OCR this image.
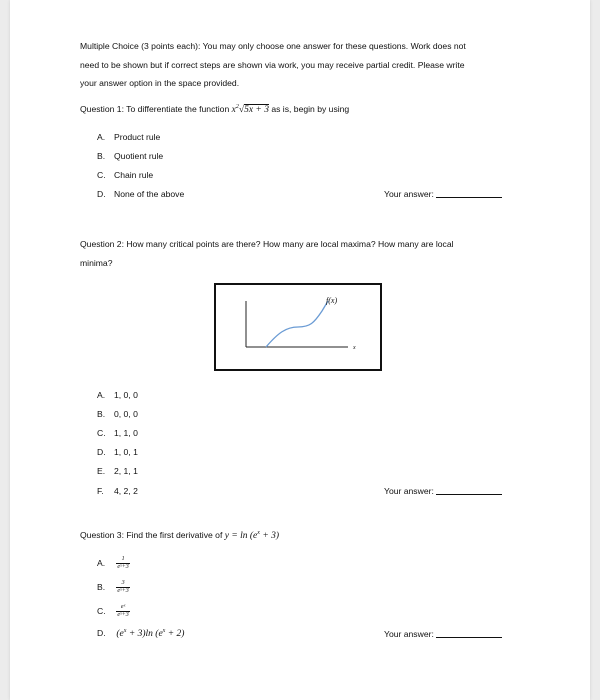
Multiple Choice (3 points each): You may only choose one answer for these questions. Work does not
need to be shown but if correct steps are shown via work, you may receive partial credit. Please write
your answer option in the space provided.
Question 1: To differentiate the function $x^2√5x + 3$ as is, begin by using
A. Product rule
B. Quotient rule
C. Chain rule
D. None of the above	Your answer:
Question 2: How many critical points are there? How many are local maxima? How many are local
minima?
f(x)
x
A. 1, 0, 0
B. 0, 0, 0
C. 1, 1, 0
D. 1, 0, 1
E. 2, 1, 1
F. 4, 2, 2	Your answer:
Question 3: Find the first derivative of $y = \ln (e^x + 3)$
A. $\frac{1}{\text{eˣ+3}}$
B. $\frac{3}{\text{eˣ+3}}$
C. $\frac{\text{eˣ}}{\text{eˣ+3}}$
D. $(e^x + 3)\ln$ $(e^x + 2)$	Your answer:
